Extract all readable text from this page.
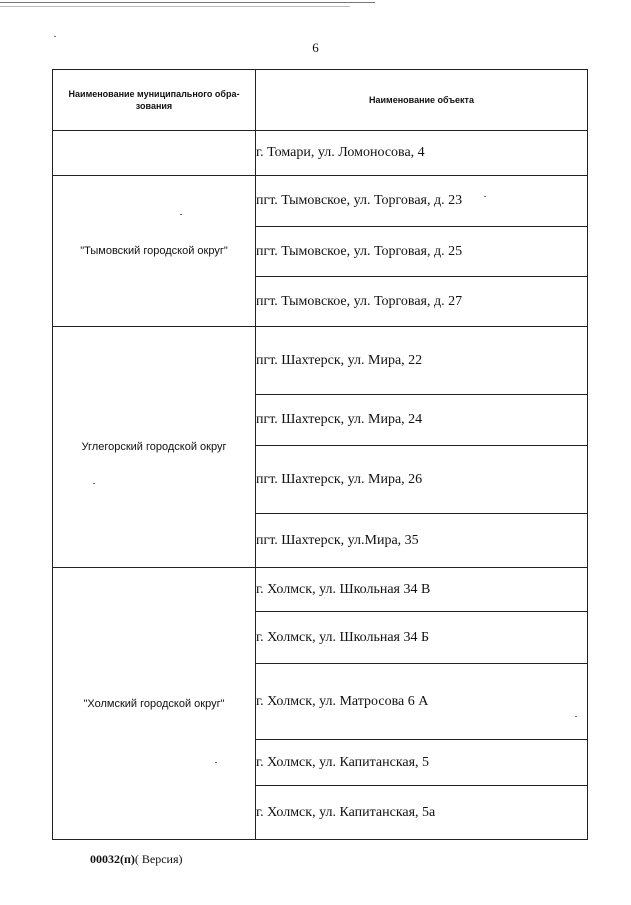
6
Наименование муниципального обра-зования	Наименование объекта
	г. Томари, ул. Ломоносова, 4
"Тымовский городской округ"	пгт. Тымовское, ул. Торговая, д. 23
	пгт. Тымовское, ул. Торговая, д. 25
	пгт. Тымовское, ул. Торговая, д. 27
Углегорский городской округ	пгт. Шахтерск, ул. Мира, 22
	пгт. Шахтерск, ул. Мира, 24
	пгт. Шахтерск, ул. Мира, 26
	пгт. Шахтерск, ул.Мира, 35
"Холмский городской округ"	г. Холмск, ул. Школьная 34 В
	г. Холмск, ул. Школьная 34 Б
	г. Холмск, ул. Матросова 6 А
	г. Холмск, ул. Капитанская, 5
	г. Холмск, ул. Капитанская, 5а
00032(п)( Версия)
